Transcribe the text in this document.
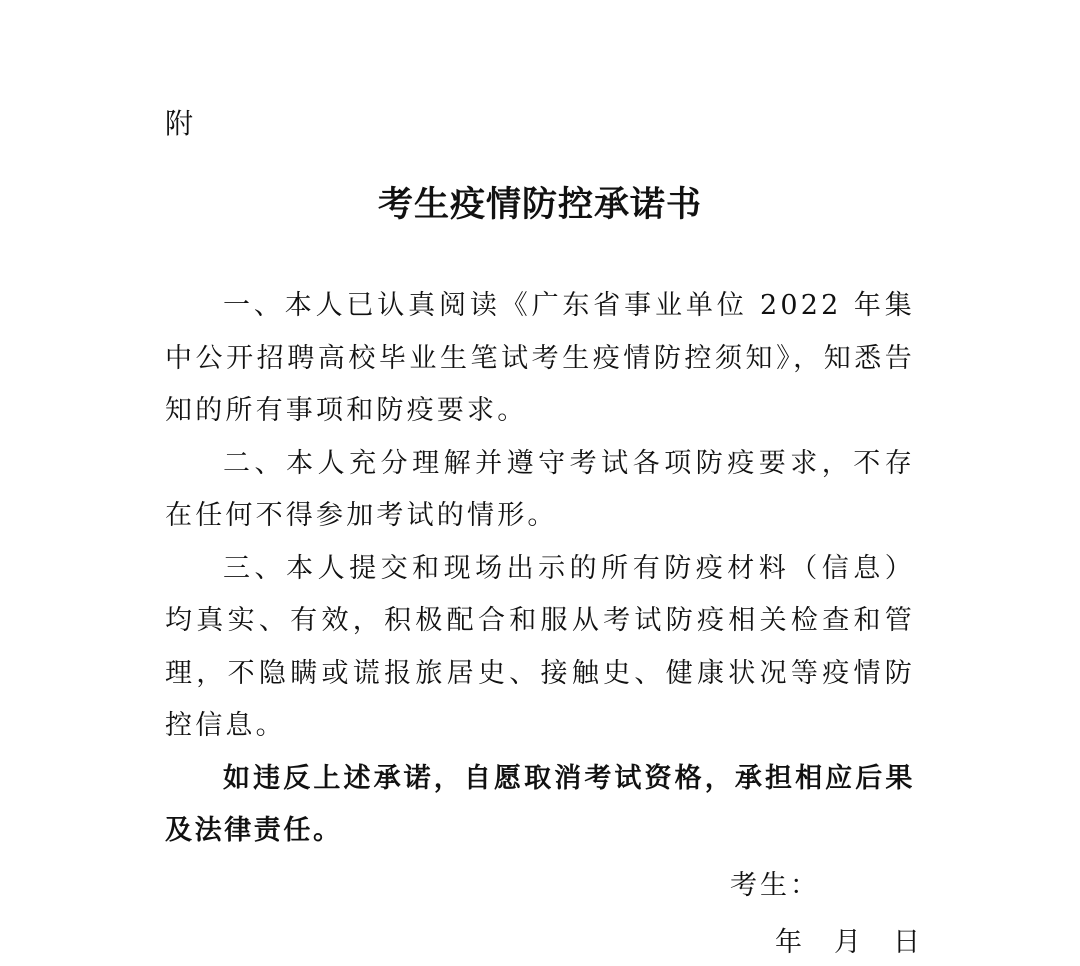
附
考生疫情防控承诺书

一、本人已认真阅读《广东省事业单位 2022 年集中公开招聘高校毕业生笔试考生疫情防控须知》，知悉告知的所有事项和防疫要求。

二、本人充分理解并遵守考试各项防疫要求，不存在任何不得参加考试的情形。

三、本人提交和现场出示的所有防疫材料（信息）均真实、有效，积极配合和服从考试防疫相关检查和管理，不隐瞒或谎报旅居史、接触史、健康状况等疫情防控信息。

如违反上述承诺，自愿取消考试资格，承担相应后果及法律责任。

考生：
年 月 日
